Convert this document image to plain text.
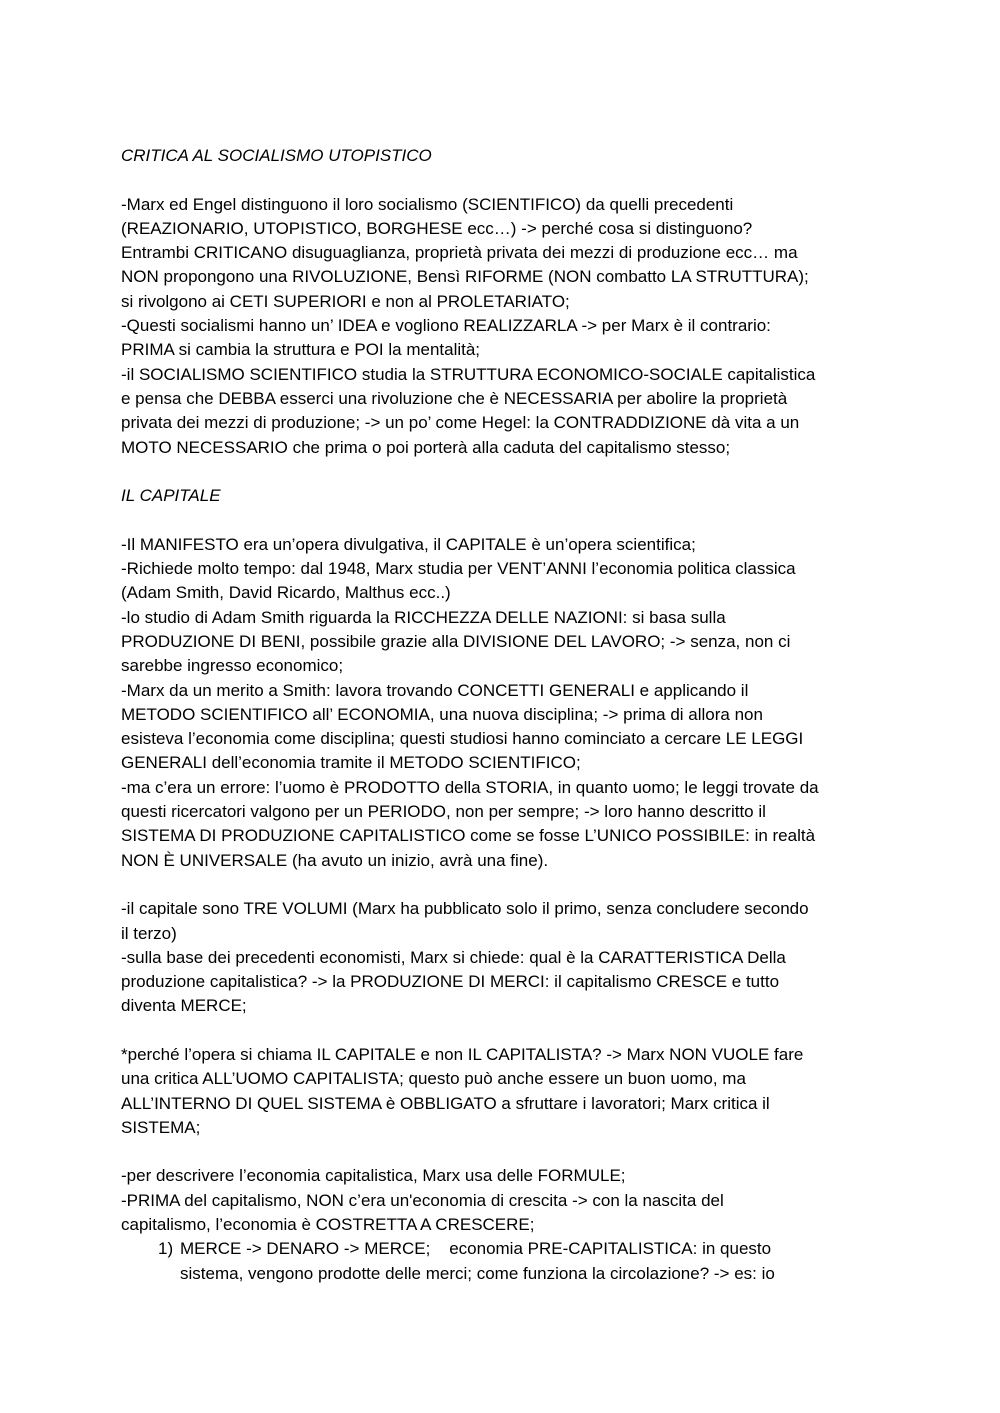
CRITICA AL SOCIALISMO UTOPISTICO

-Marx ed Engel distinguono il loro socialismo (SCIENTIFICO) da quelli precedenti
(REAZIONARIO, UTOPISTICO, BORGHESE ecc…) -> perché cosa si distinguono?
Entrambi CRITICANO disuguaglianza, proprietà privata dei mezzi di produzione ecc… ma
NON propongono una RIVOLUZIONE, Bensì RIFORME (NON combatto LA STRUTTURA);
si rivolgono ai CETI SUPERIORI e non al PROLETARIATO;
-Questi socialismi hanno un’ IDEA e vogliono REALIZZARLA -> per Marx è il contrario:
PRIMA si cambia la struttura e POI la mentalità;
-il SOCIALISMO SCIENTIFICO studia la STRUTTURA ECONOMICO-SOCIALE capitalistica
e pensa che DEBBA esserci una rivoluzione che è NECESSARIA per abolire la proprietà
privata dei mezzi di produzione; -> un po’ come Hegel: la CONTRADDIZIONE dà vita a un
MOTO NECESSARIO che prima o poi porterà alla caduta del capitalismo stesso;

IL CAPITALE

-Il MANIFESTO era un’opera divulgativa, il CAPITALE è un’opera scientifica;
-Richiede molto tempo: dal 1948, Marx studia per VENT’ANNI l’economia politica classica
(Adam Smith, David Ricardo, Malthus ecc..)
-lo studio di Adam Smith riguarda la RICCHEZZA DELLE NAZIONI: si basa sulla
PRODUZIONE DI BENI, possibile grazie alla DIVISIONE DEL LAVORO; -> senza, non ci
sarebbe ingresso economico;
-Marx da un merito a Smith: lavora trovando CONCETTI GENERALI e applicando il
METODO SCIENTIFICO all’ ECONOMIA, una nuova disciplina; -> prima di allora non
esisteva l’economia come disciplina; questi studiosi hanno cominciato a cercare LE LEGGI
GENERALI dell’economia tramite il METODO SCIENTIFICO;
-ma c’era un errore: l’uomo è PRODOTTO della STORIA, in quanto uomo; le leggi trovate da
questi ricercatori valgono per un PERIODO, non per sempre; -> loro hanno descritto il
SISTEMA DI PRODUZIONE CAPITALISTICO come se fosse L’UNICO POSSIBILE: in realtà
NON È UNIVERSALE (ha avuto un inizio, avrà una fine).

-il capitale sono TRE VOLUMI (Marx ha pubblicato solo il primo, senza concludere secondo
il terzo)
-sulla base dei precedenti economisti, Marx si chiede: qual è la CARATTERISTICA Della
produzione capitalistica? -> la PRODUZIONE DI MERCI: il capitalismo CRESCE e tutto
diventa MERCE;

*perché l’opera si chiama IL CAPITALE e non IL CAPITALISTA? -> Marx NON VUOLE fare
una critica ALL’UOMO CAPITALISTA; questo può anche essere un buon uomo, ma
ALL’INTERNO DI QUEL SISTEMA è OBBLIGATO a sfruttare i lavoratori; Marx critica il
SISTEMA;

-per descrivere l’economia capitalistica, Marx usa delle FORMULE;
-PRIMA del capitalismo, NON c’era un'economia di crescita -> con la nascita del
capitalismo, l’economia è COSTRETTA A CRESCERE;

1) MERCE -> DENARO -> MERCE;    economia PRE-CAPITALISTICA: in questo
sistema, vengono prodotte delle merci; come funziona la circolazione? -> es: io
